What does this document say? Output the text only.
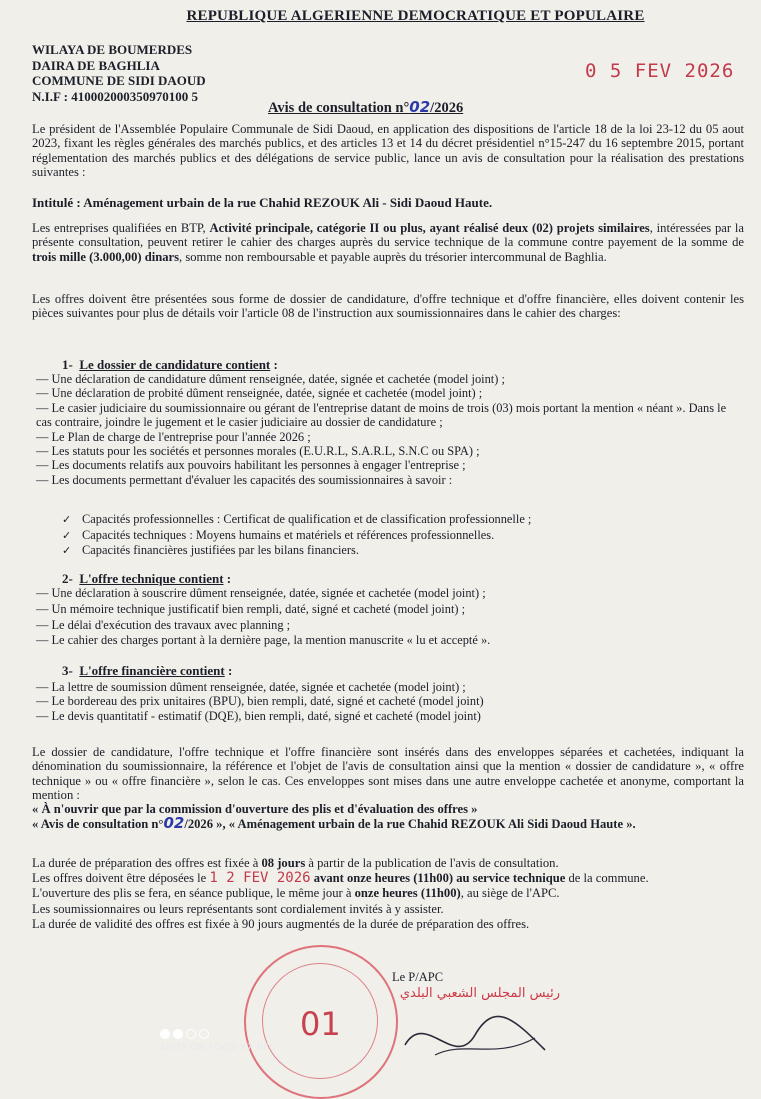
REPUBLIQUE ALGERIENNE DEMOCRATIQUE ET POPULAIRE
WILAYA DE BOUMERDES
DAIRA DE BAGHLIA
COMMUNE DE SIDI DAOUD
N.I.F : 410002000350970100 5
0 5 FEV 2026
Avis de consultation n°02/2026
Le président de l'Assemblée Populaire Communale de Sidi Daoud, en application des dispositions de l'article 18 de la loi 23-12 du 05 aout 2023, fixant les règles générales des marchés publics, et des articles 13 et 14 du décret présidentiel n°15-247 du 16 septembre 2015, portant réglementation des marchés publics et des délégations de service public, lance un avis de consultation pour la réalisation des prestations suivantes :
Intitulé : Aménagement urbain de la rue Chahid REZOUK Ali - Sidi Daoud Haute.
Les entreprises qualifiées en BTP, Activité principale, catégorie II ou plus, ayant réalisé deux (02) projets similaires, intéressées par la présente consultation, peuvent retirer le cahier des charges auprès du service technique de la commune contre payement de la somme de trois mille (3.000,00) dinars, somme non remboursable et payable auprès du trésorier intercommunal de Baghlia.
Les offres doivent être présentées sous forme de dossier de candidature, d'offre technique et d'offre financière, elles doivent contenir les pièces suivantes pour plus de détails voir l'article 08 de l'instruction aux soumissionnaires dans le cahier des charges:
1- Le dossier de candidature contient :
— Une déclaration de candidature dûment renseignée, datée, signée et cachetée (model joint) ;
— Une déclaration de probité dûment renseignée, datée, signée et cachetée (model joint) ;
— Le casier judiciaire du soumissionnaire ou gérant de l'entreprise datant de moins de trois (03) mois portant la mention « néant ». Dans le cas contraire, joindre le jugement et le casier judiciaire au dossier de candidature ;
— Le Plan de charge de l'entreprise pour l'année 2026 ;
— Les statuts pour les sociétés et personnes morales (E.U.R.L, S.A.R.L, S.N.C ou SPA) ;
— Les documents relatifs aux pouvoirs habilitant les personnes à engager l'entreprise ;
— Les documents permettant d'évaluer les capacités des soumissionnaires à savoir :
✓ Capacités professionnelles : Certificat de qualification et de classification professionnelle ;
✓ Capacités techniques : Moyens humains et matériels et références professionnelles.
✓ Capacités financières justifiées par les bilans financiers.
2- L'offre technique contient :
— Une déclaration à souscrire dûment renseignée, datée, signée et cachetée (model joint) ;
— Un mémoire technique justificatif bien rempli, daté, signé et cacheté (model joint) ;
— Le délai d'exécution des travaux avec planning ;
— Le cahier des charges portant à la dernière page, la mention manuscrite « lu et accepté ».
3- L'offre financière contient :
— La lettre de soumission dûment renseignée, datée, signée et cachetée (model joint) ;
— Le bordereau des prix unitaires (BPU), bien rempli, daté, signé et cacheté (model joint)
— Le devis quantitatif - estimatif (DQE), bien rempli, daté, signé et cacheté (model joint)
Le dossier de candidature, l'offre technique et l'offre financière sont insérés dans des enveloppes séparées et cachetées, indiquant la dénomination du soumissionnaire, la référence et l'objet de l'avis de consultation ainsi que la mention « dossier de candidature », « offre technique » ou « offre financière », selon le cas. Ces enveloppes sont mises dans une autre enveloppe cachetée et anonyme, comportant la mention :
« À n'ouvrir que par la commission d'ouverture des plis et d'évaluation des offres »
« Avis de consultation n°02/2026 », « Aménagement urbain de la rue Chahid REZOUK Ali Sidi Daoud Haute ».
La durée de préparation des offres est fixée à 08 jours à partir de la publication de l'avis de consultation.
Les offres doivent être déposées le 1 2 FEV 2026 avant onze heures (11h00) au service technique de la commune.
L'ouverture des plis se fera, en séance publique, le même jour à onze heures (11h00), au siège de l'APC.
Les soumissionnaires ou leurs représentants sont cordialement invités à y assister.
La durée de validité des offres est fixée à 90 jours augmentés de la durée de préparation des offres.
01
Le P/APC
رئيس المجلس الشعبي البلدي
SHOT ON POCO X7 NFC
